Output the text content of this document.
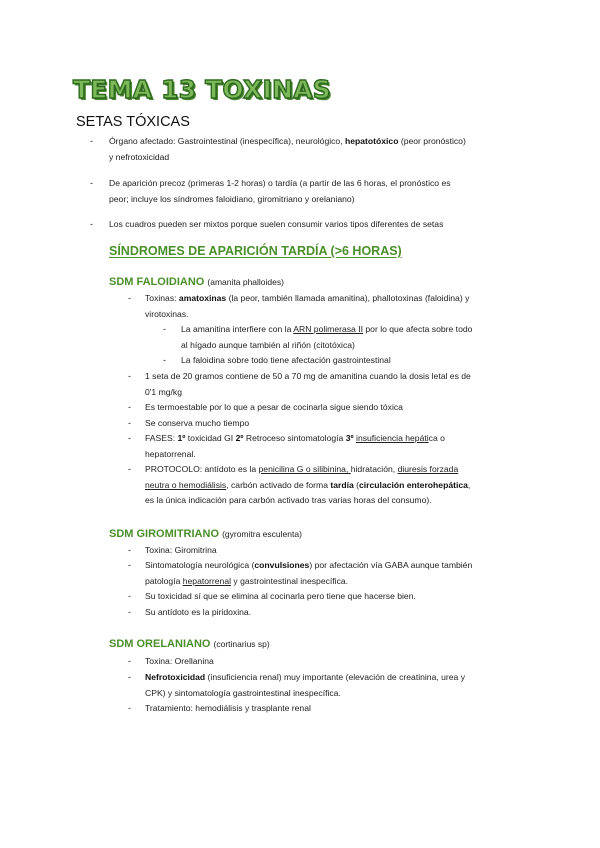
TEMA 13 TOXINAS
SETAS TÓXICAS
- Órgano afectado: Gastrointestinal (inespecífica), neurológico, hepatotóxico (peor pronóstico)
y nefrotoxicidad
- De aparición precoz (primeras 1-2 horas) o tardía (a partir de las 6 horas, el pronóstico es
peor; incluye los síndromes faloidiano, giromitriano y orelaniano)
- Los cuadros pueden ser mixtos porque suelen consumir varios tipos diferentes de setas
SÍNDROMES DE APARICIÓN TARDÍA (>6 HORAS)
SDM FALOIDIANO (amanita phalloides)
- Toxinas: amatoxinas (la peor, también llamada amanitina), phallotoxinas (faloidina) y
virotoxinas.
- La amanitina interfiere con la ARN polimerasa II por lo que afecta sobre todo
al hígado aunque también al riñón (citotóxica)
- La faloidina sobre todo tiene afectación gastrointestinal
- 1 seta de 20 gramos contiene de 50 a 70 mg de amanitina cuando la dosis letal es de
0'1 mg/kg
- Es termoestable por lo que a pesar de cocinarla sigue siendo tóxica
- Se conserva mucho tiempo
- FASES: 1º toxicidad GI 2º Retroceso sintomatología 3º insuficiencia hepática o
hepatorrenal.
- PROTOCOLO: antídoto es la penicilina G o silibinina, hidratación, diuresis forzada
neutra o hemodiálisis, carbón activado de forma tardía (circulación enterohepática,
es la única indicación para carbón activado tras varias horas del consumo).
SDM GIROMITRIANO (gyromitra esculenta)
- Toxina: Giromitrina
- Sintomatología neurológica (convulsiones) por afectación vía GABA aunque también
patología hepatorrenal y gastrointestinal inespecífica.
- Su toxicidad sí que se elimina al cocinarla pero tiene que hacerse bien.
- Su antídoto es la piridoxina.
SDM ORELANIANO (cortinarius sp)
- Toxina: Orellanina
- Nefrotoxicidad (insuficiencia renal) muy importante (elevación de creatinina, urea y
CPK) y sintomatología gastrointestinal inespecífica.
- Tratamiento: hemodiálisis y trasplante renal
